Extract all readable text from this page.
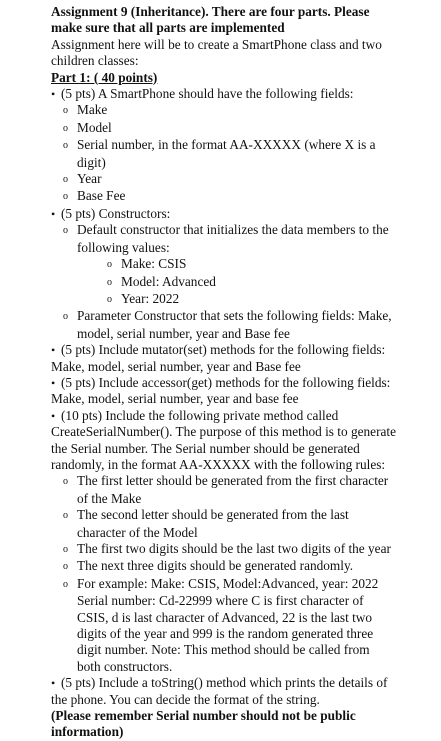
Assignment 9 (Inheritance). There are four parts. Please
make sure that all parts are implemented
Assignment here will be to create a SmartPhone class and two
children classes:
Part 1: ( 40 points)
• (5 pts) A SmartPhone should have the following fields:
o Make
o Model
o Serial number, in the format AA-XXXXX (where X is a
digit)
o Year
o Base Fee
• (5 pts) Constructors:
o Default constructor that initializes the data members to the
following values:
o Make: CSIS
o Model: Advanced
o Year: 2022
o Parameter Constructor that sets the following fields: Make,
model, serial number, year and Base fee
• (5 pts) Include mutator(set) methods for the following fields:
Make, model, serial number, year and Base fee
• (5 pts) Include accessor(get) methods for the following fields:
Make, model, serial number, year and base fee
• (10 pts) Include the following private method called
CreateSerialNumber(). The purpose of this method is to generate
the Serial number. The Serial number should be generated
randomly, in the format AA-XXXXX with the following rules:
o The first letter should be generated from the first character
of the Make
o The second letter should be generated from the last
character of the Model
o The first two digits should be the last two digits of the year
o The next three digits should be generated randomly.
o For example: Make: CSIS, Model:Advanced, year: 2022
Serial number: Cd-22999 where C is first character of
CSIS, d is last character of Advanced, 22 is the last two
digits of the year and 999 is the random generated three
digit number. Note: This method should be called from
both constructors.
• (5 pts) Include a toString() method which prints the details of
the phone. You can decide the format of the string.
(Please remember Serial number should not be public
information)
